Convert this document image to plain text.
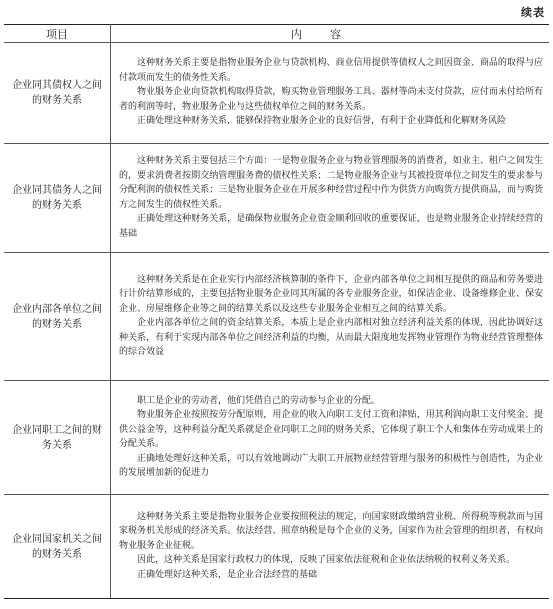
续表
项目	内容
企业同其债权人之间的财务关系	这种财务关系主要是指物业服务企业与贷款机构、商业信用提供等债权人之间因资金、商品的取得与应付款项而发生的债务性关系。

物业服务企业向贷款机构取得贷款，购买物业管理服务工具、器材等尚未支付贷款，应付而未付给所有者的利润等时，物业服务企业与这些债权单位之间的财务关系。

正确处理这种财务关系，能够保持物业服务企业的良好信誉，有利于企业降低和化解财务风险

企业同其债务人之间的财务关系	这种财务关系主要包括三个方面：一是物业服务企业与物业管理服务的消费者，如业主、租户之间发生的，要求消费者按期交纳管理服务费的债权性关系；二是物业服务企业与其被投资单位之间发生的要求参与分配利润的债权性关系；三是物业服务企业在开展多种经营过程中作为供货方向购货方提供商品，而与购货方之间发生的债权性关系。

正确处理这种财务关系，是确保物业服务企业资金顺利回收的重要保证，也是物业服务企业持续经营的基础

企业内部各单位之间的财务关系	这种财务关系是在企业实行内部经济核算制的条件下，企业内部各单位之间相互提供的商品和劳务要进行计价结算形成的，主要包括物业服务企业同其所属的各专业服务企业，如保洁企业、设备维修企业、保安企业、房屋维修企业等之间的结算关系以及这些专业服务企业相互之间的结算关系。

企业内部各单位之间的资金结算关系，本质上是企业内部相对独立经济利益关系的体现，因此协调好这种关系，有利于实现内部各单位之间经济利益的均衡，从而最大限度地发挥物业管理作为物业经营管理整体的综合效益

企业同职工之间的财务关系	职工是企业的劳动者，他们凭借自己的劳动参与企业的分配。

物业服务企业按照按劳分配原则，用企业的收入向职工支付工资和津贴，用其利润向职工支付奖金、提供公益金等，这种利益分配关系就是企业同职工之间的财务关系，它体现了职工个人和集体在劳动成果上的分配关系。

正确地处理好这种关系，可以有效地调动广大职工开展物业经营管理与服务的积极性与创造性，为企业的发展增加新的促进力

企业同国家机关之间的财务关系	这种财务关系主要是指物业服务企业要按照税法的规定，向国家财政缴纳营业税、所得税等税款而与国家税务机关形成的经济关系。依法经营、照章纳税是每个企业的义务，国家作为社会管理的组织者，有权向物业服务企业征税。

因此，这种关系是国家行政权力的体现，反映了国家依法征税和企业依法纳税的权利义务关系。

正确处理好这种关系，是企业合法经营的基础
